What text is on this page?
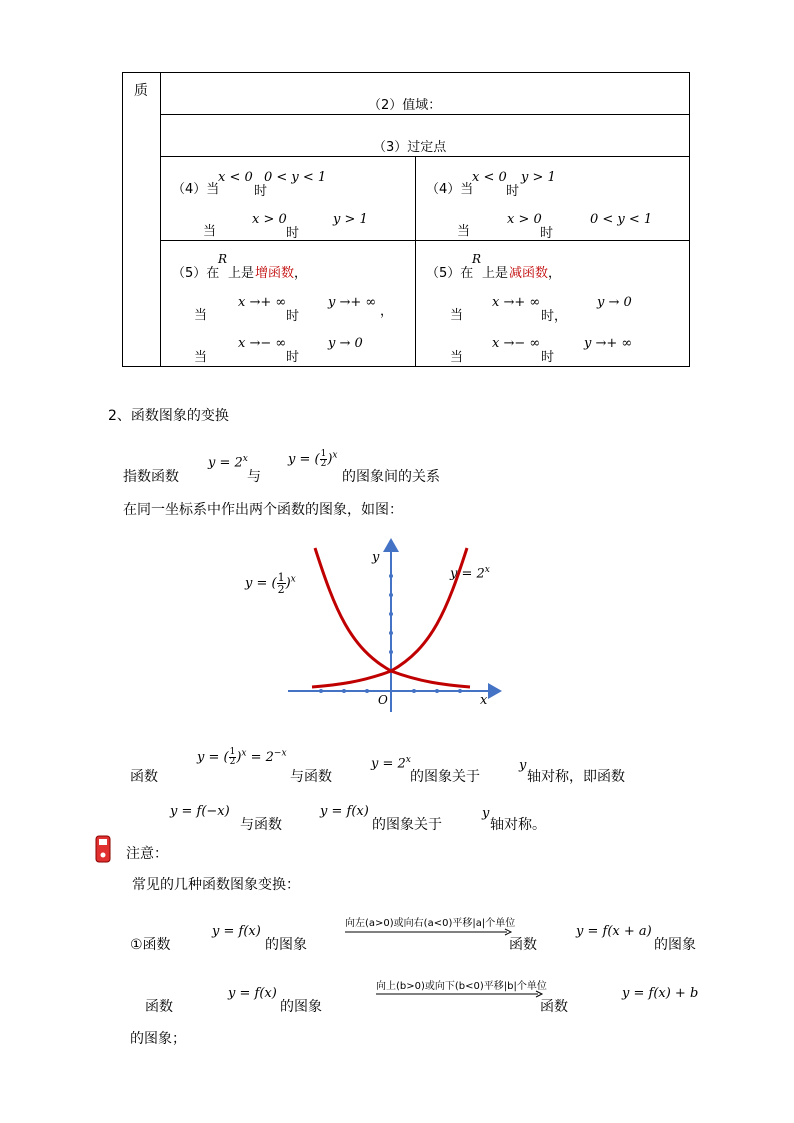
质
（2）值域：
（3）过定点
（4）当
x < 0
时
0 < y < 1
当
x > 0
时
y > 1
（4）当
x < 0
时
y > 1
当
x > 0
时
0 < y < 1
（5）在
R
上是 增函数 ，
当
x →+ ∞
时
y →+ ∞
，
当
x →− ∞
时
y → 0
（5）在
R
上是 减函数 ，
当
x →+ ∞
时，
y → 0
当
x →− ∞
时
y →+ ∞
2、函数图象的变换
指数函数
$y = 2^x$
与
y = ( $\frac{1}{2} )^x$
的图象间的关系
在同一坐标系中作出两个函数的图象，如图：
y
x
O
y = ( $\frac{1}{2} )^x$	$y = 2^x$
函数
y = ( $\frac{1}{2} )^x = 2^{-x}$
与函数
$y = 2^x$
的图象关于
y
轴对称，即函数
y = f(−x)
与函数
y = f(x)
的图象关于
y
轴对称。
注意：
常见的几种函数图象变换：
①函数
y = f(x)
的图象
向左(a>0)或向右(a<0)平移|a|个单位
函数
y = f(x + a)
的图象
函数
y = f(x)
的图象
向上(b>0)或向下(b<0)平移|b|个单位
函数
y = f(x) + b
的图象；
